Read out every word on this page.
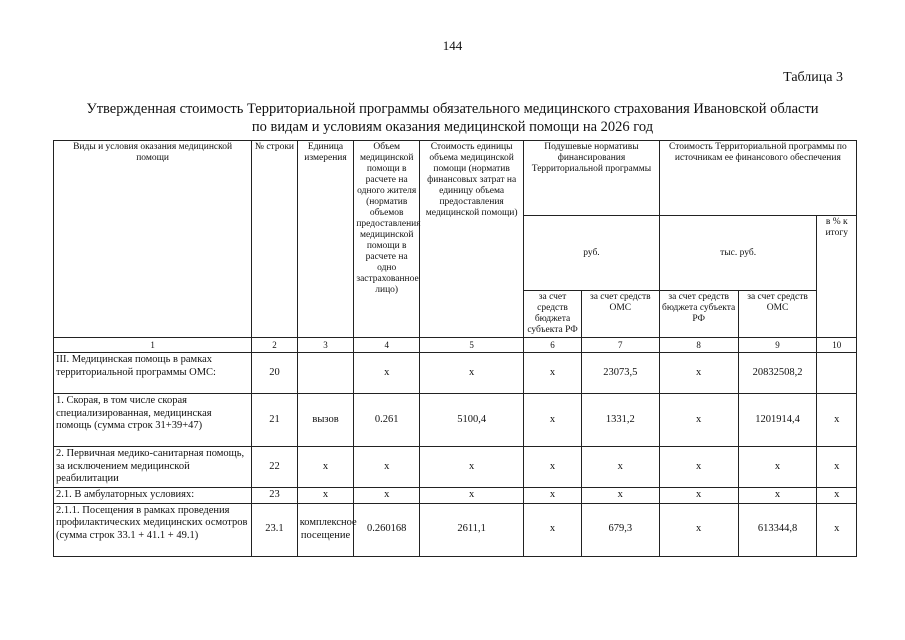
144
Таблица 3
Утвержденная стоимость Территориальной программы обязательного медицинского страхования Ивановской области
по видам и условиям оказания медицинской помощи на 2026 год
Виды и условия оказания медицинской помощи	№ строки	Единица измерения	Объем медицинской помощи в расчете на одного жителя (норматив объемов предоставления медицинской помощи в расчете на одно застрахованное лицо)	Стоимость единицы объема медицинской помощи (норматив финансовых затрат на единицу объема предоставления медицинской помощи)	Подушевые нормативы финансирования Территориальной программы		Стоимость Территориальной программы по источникам ее финансового обеспечения		
					руб.		тыс. руб.		в % к итогу
					за счет средств бюджета субъекта РФ	за счет средств ОМС	за счет средств бюджета субъекта РФ	за счет средств ОМС	
1	2	3	4	5	6	7	8	9	10
III. Медицинская помощь в рамках территориальной программы ОМС:	20		х	х	х	23073,5	х	20832508,2	
1. Скорая, в том числе скорая специализированная, медицинская помощь (сумма строк 31+39+47)	21	вызов	0.261	5100,4	х	1331,2	х	1201914,4	х
2. Первичная медико-санитарная помощь, за исключением медицинской реабилитации	22	х	х	х	х	х	х	х	х
2.1. В амбулаторных условиях:	23	х	х	х	х	х	х	х	х
2.1.1. Посещения в рамках проведения профилактических медицинских осмотров (сумма строк 33.1 + 41.1 + 49.1)	23.1	комплексное посещение	0.260168	2611,1	х	679,3	х	613344,8	х
